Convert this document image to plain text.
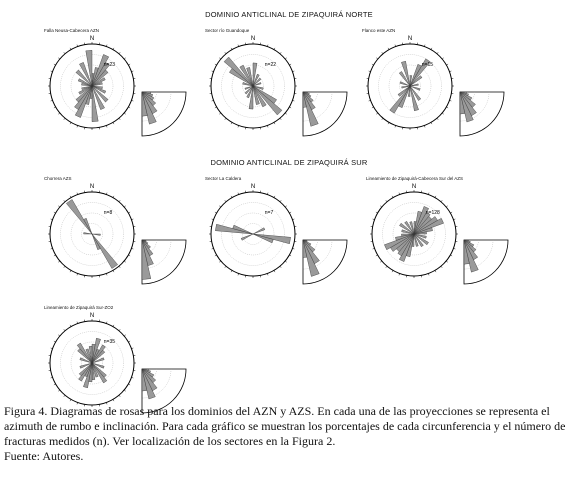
DOMINIO ANTICLINAL DE ZIPAQUIRÁ NORTE
DOMINIO ANTICLINAL DE ZIPAQUIRÁ SUR
N
n=23
Falla Neusa-Cabecera AZN
N
n=22
Sector río Guandoque
N
n=15
Flanco este AZN
N
n=8
Chorrera AZS
N
n=7
Sector La Caldera
N
n=128
Lineamiento de Zipaquirá-Cabecera Sur del AZS
N
n=35
Lineamiento de Zipaquirá Sur-ZO2

Figura 4. Diagramas de rosas para los dominios del AZN y AZS. En cada una de las proyecciones se representa el

azimuth de rumbo e inclinación. Para cada gráfico se muestran los porcentajes de cada circunferencia y el número de

fracturas medidos (n). Ver localización de los sectores en la Figura 2.

Fuente: Autores.
